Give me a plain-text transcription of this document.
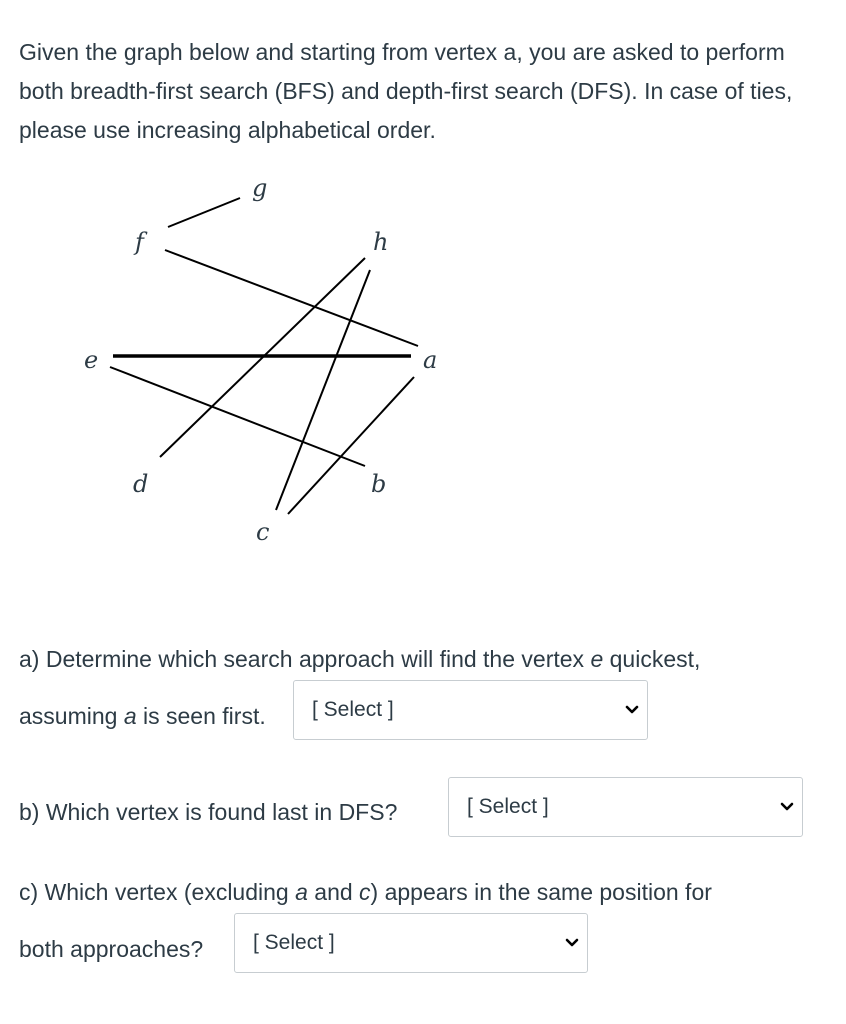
Given the graph below and starting from vertex a, you are asked to perform both breadth-first search (BFS) and depth-first search (DFS). In case of ties, please use increasing alphabetical order.

g
f	h
e	a
d	b
c

a) Determine which search approach will find the vertex e quickest,

assuming a is seen first. [ Select ]

b) Which vertex is found last in DFS?	[ Select ]

c) Which vertex (excluding a and c) appears in the same position for

both approaches? [ Select ]
